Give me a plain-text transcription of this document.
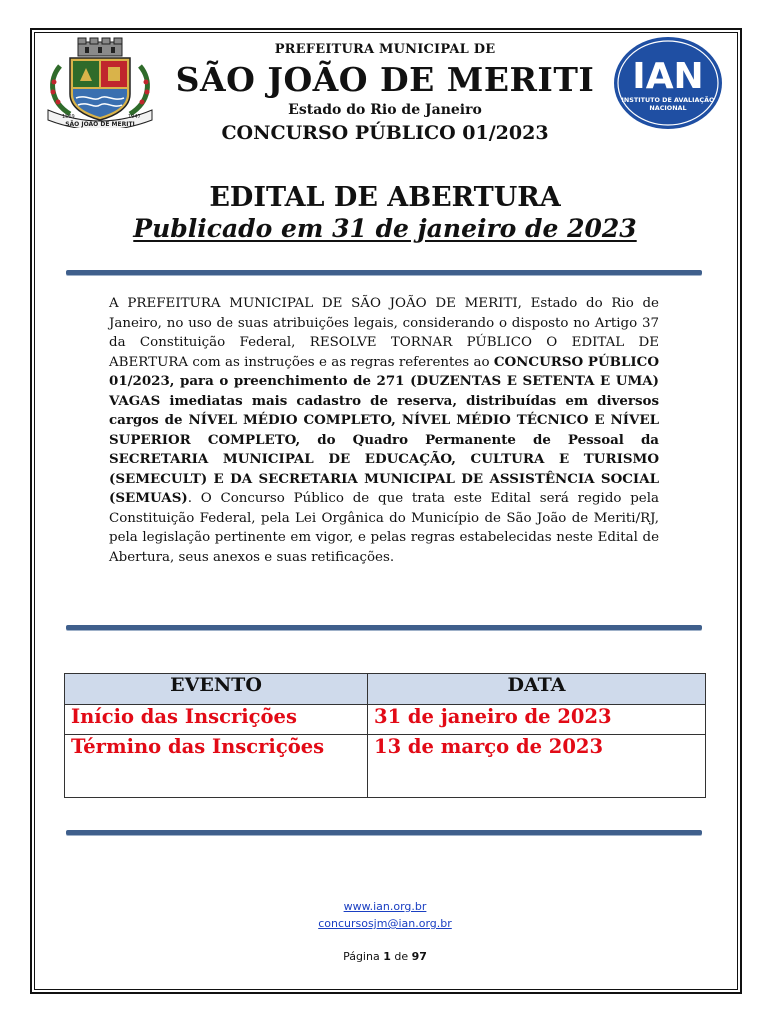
1569	1947
SÃO JOÃO DE MERITI
IAN
INSTITUTO DE AVALIAÇÃO
NACIONAL
PREFEITURA MUNICIPAL DE
SÃO JOÃO DE MERITI
Estado do Rio de Janeiro
CONCURSO PÚBLICO 01/2023
EDITAL DE ABERTURA
Publicado em 31 de janeiro de 2023
A PREFEITURA MUNICIPAL DE SÃO JOÃO DE MERITI, Estado do Rio de Janeiro, no uso de suas atribuições legais, considerando o disposto no Artigo 37 da Constituição Federal, RESOLVE TORNAR PÚBLICO O EDITAL DE ABERTURA com as instruções e as regras referentes ao CONCURSO PÚBLICO 01/2023, para o preenchimento de 271 (DUZENTAS E SETENTA E UMA) VAGAS imediatas mais cadastro de reserva, distribuídas em diversos cargos de NÍVEL MÉDIO COMPLETO, NÍVEL MÉDIO TÉCNICO E NÍVEL SUPERIOR COMPLETO, do Quadro Permanente de Pessoal da SECRETARIA MUNICIPAL DE EDUCAÇÃO, CULTURA E TURISMO (SEMECULT) E DA SECRETARIA MUNICIPAL DE ASSISTÊNCIA SOCIAL (SEMUAS). O Concurso Público de que trata este Edital será regido pela Constituição Federal, pela Lei Orgânica do Município de São João de Meriti/RJ, pela legislação pertinente em vigor, e pelas regras estabelecidas neste Edital de Abertura, seus anexos e suas retificações.
EVENTO	DATA
Início das Inscrições	31 de janeiro de 2023
Término das Inscrições	13 de março de 2023
www.ian.org.br
concursosjm@ian.org.br
Página 1 de 97
